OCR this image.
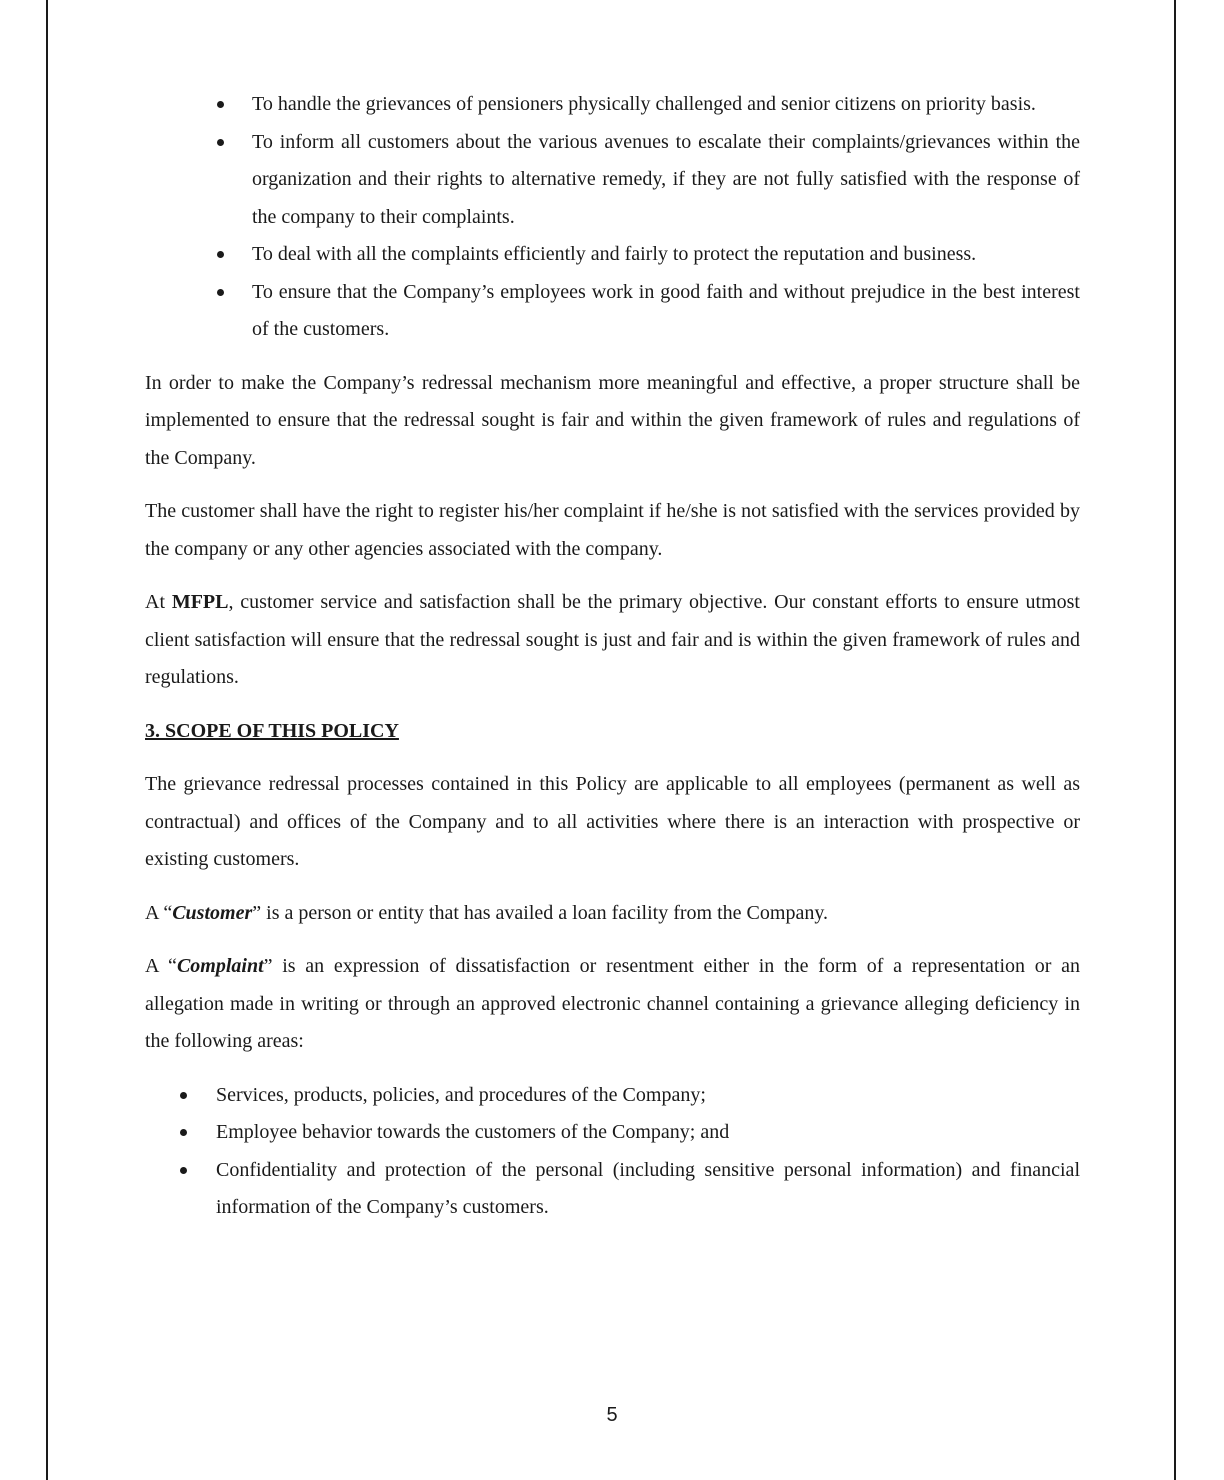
To handle the grievances of pensioners physically challenged and senior citizens on priority basis.
To inform all customers about the various avenues to escalate their complaints/grievances within the organization and their rights to alternative remedy, if they are not fully satisfied with the response of the company to their complaints.
To deal with all the complaints efficiently and fairly to protect the reputation and business.
To ensure that the Company’s employees work in good faith and without prejudice in the best interest of the customers.

In order to make the Company’s redressal mechanism more meaningful and effective, a proper structure shall be implemented to ensure that the redressal sought is fair and within the given framework of rules and regulations of the Company.

The customer shall have the right to register his/her complaint if he/she is not satisfied with the services provided by the company or any other agencies associated with the company.

At MFPL, customer service and satisfaction shall be the primary objective. Our constant efforts to ensure utmost client satisfaction will ensure that the redressal sought is just and fair and is within the given framework of rules and regulations.

3. SCOPE OF THIS POLICY

The grievance redressal processes contained in this Policy are applicable to all employees (permanent as well as contractual) and offices of the Company and to all activities where there is an interaction with prospective or existing customers.

A “Customer” is a person or entity that has availed a loan facility from the Company.

A “Complaint” is an expression of dissatisfaction or resentment either in the form of a representation or an allegation made in writing or through an approved electronic channel containing a grievance alleging deficiency in the following areas:

Services, products, policies, and procedures of the Company;
Employee behavior towards the customers of the Company; and
Confidentiality and protection of the personal (including sensitive personal information) and financial information of the Company’s customers.
5
